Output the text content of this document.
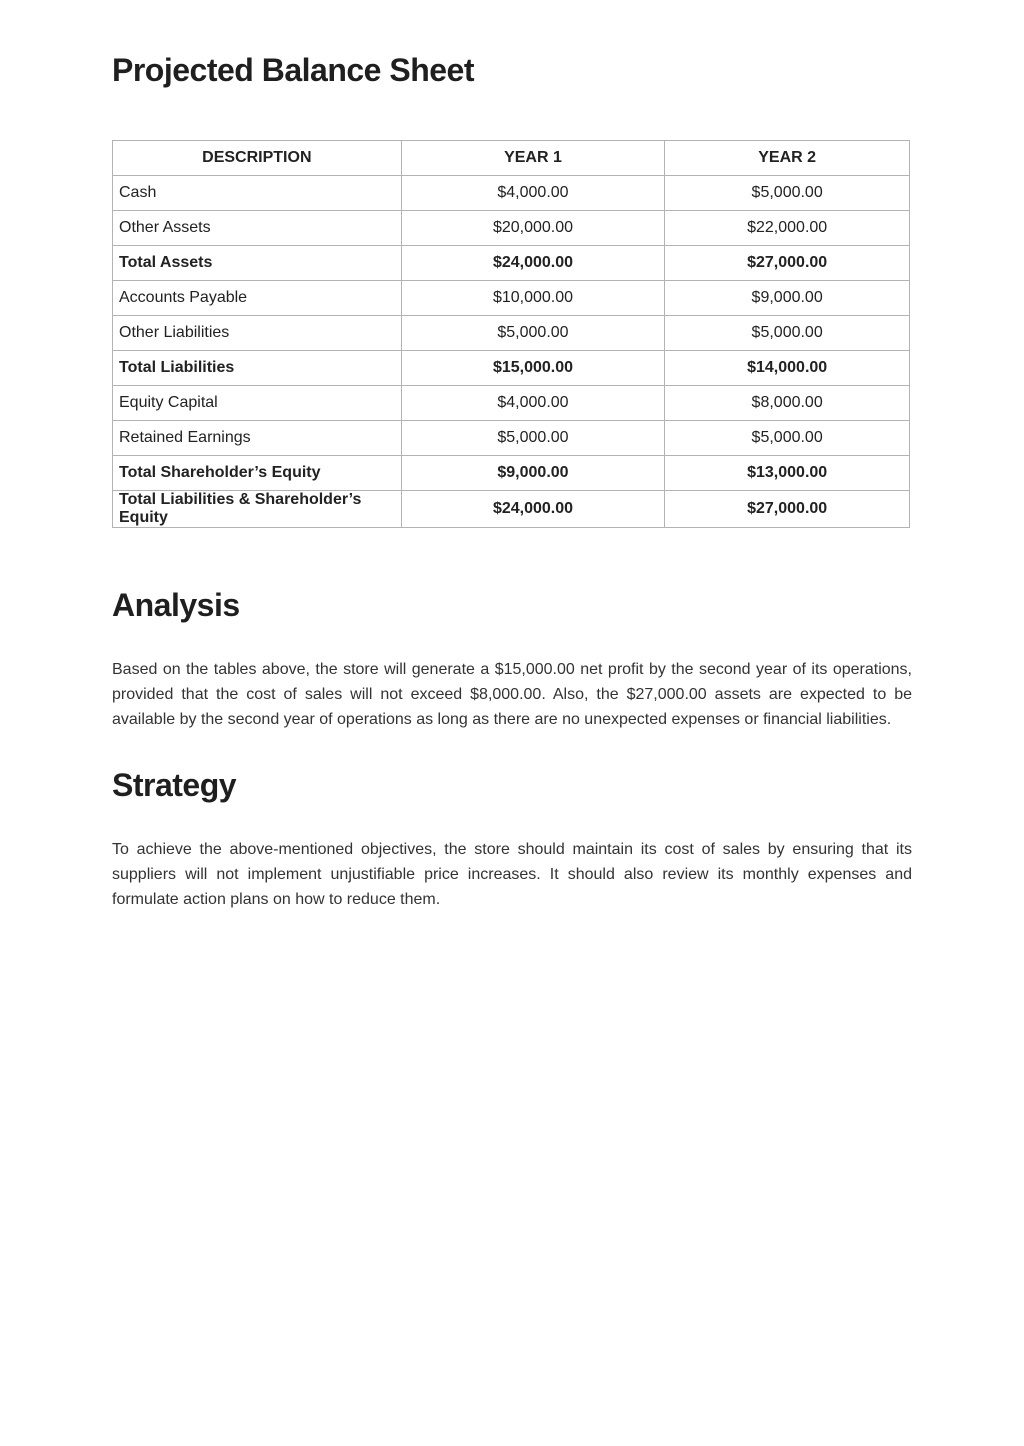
Projected Balance Sheet
DESCRIPTION	YEAR 1	YEAR 2
Cash	$4,000.00	$5,000.00
Other Assets	$20,000.00	$22,000.00
Total Assets	$24,000.00	$27,000.00
Accounts Payable	$10,000.00	$9,000.00
Other Liabilities	$5,000.00	$5,000.00
Total Liabilities	$15,000.00	$14,000.00
Equity Capital	$4,000.00	$8,000.00
Retained Earnings	$5,000.00	$5,000.00
Total Shareholder’s Equity	$9,000.00	$13,000.00
Total Liabilities & Shareholder’s Equity	$24,000.00	$27,000.00
Analysis

Based on the tables above, the store will generate a $15,000.00 net profit by the second year of its operations, provided that the cost of sales will not exceed $8,000.00. Also, the $27,000.00 assets are expected to be available by the second year of operations as long as there are no unexpected expenses or financial liabilities.

Strategy

To achieve the above-mentioned objectives, the store should maintain its cost of sales by ensuring that its suppliers will not implement unjustifiable price increases. It should also review its monthly expenses and formulate action plans on how to reduce them.
